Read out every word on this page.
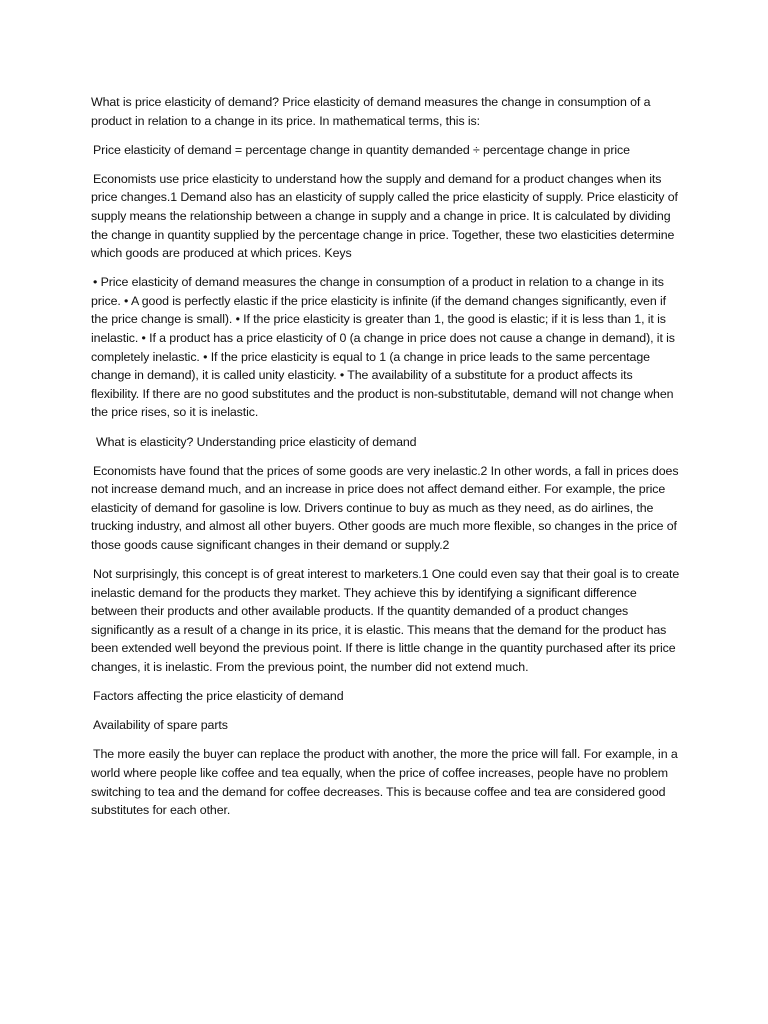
What is price elasticity of demand? Price elasticity of demand measures the change in consumption of a product in relation to a change in its price. In mathematical terms, this is:

Price elasticity of demand = percentage change in quantity demanded ÷ percentage change in price

Economists use price elasticity to understand how the supply and demand for a product changes when its price changes.1 Demand also has an elasticity of supply called the price elasticity of supply. Price elasticity of supply means the relationship between a change in supply and a change in price. It is calculated by dividing the change in quantity supplied by the percentage change in price. Together, these two elasticities determine which goods are produced at which prices. Keys

• Price elasticity of demand measures the change in consumption of a product in relation to a change in its price. • A good is perfectly elastic if the price elasticity is infinite (if the demand changes significantly, even if the price change is small). • If the price elasticity is greater than 1, the good is elastic; if it is less than 1, it is inelastic. • If a product has a price elasticity of 0 (a change in price does not cause a change in demand), it is completely inelastic. • If the price elasticity is equal to 1 (a change in price leads to the same percentage change in demand), it is called unity elasticity. • The availability of a substitute for a product affects its flexibility. If there are no good substitutes and the product is non-substitutable, demand will not change when the price rises, so it is inelastic.

What is elasticity? Understanding price elasticity of demand

Economists have found that the prices of some goods are very inelastic.2 In other words, a fall in prices does not increase demand much, and an increase in price does not affect demand either. For example, the price elasticity of demand for gasoline is low. Drivers continue to buy as much as they need, as do airlines, the trucking industry, and almost all other buyers. Other goods are much more flexible, so changes in the price of those goods cause significant changes in their demand or supply.2

Not surprisingly, this concept is of great interest to marketers.1 One could even say that their goal is to create inelastic demand for the products they market. They achieve this by identifying a significant difference between their products and other available products. If the quantity demanded of a product changes significantly as a result of a change in its price, it is elastic. This means that the demand for the product has been extended well beyond the previous point. If there is little change in the quantity purchased after its price changes, it is inelastic. From the previous point, the number did not extend much.

Factors affecting the price elasticity of demand

Availability of spare parts

The more easily the buyer can replace the product with another, the more the price will fall. For example, in a world where people like coffee and tea equally, when the price of coffee increases, people have no problem switching to tea and the demand for coffee decreases. This is because coffee and tea are considered good substitutes for each other.
